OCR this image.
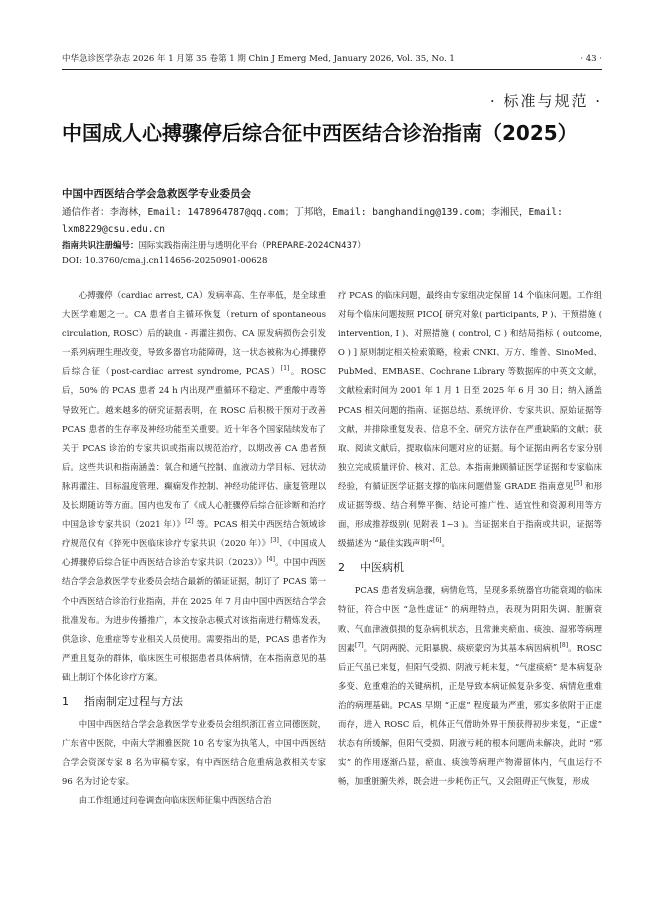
中华急诊医学杂志 2026 年 1 月第 35 卷第 1 期 Chin J Emerg Med, January 2026, Vol. 35, No. 1	· 43 ·
· 标准与规范 ·
中国成人心搏骤停后综合征中西医结合诊治指南（2025）
中国中西医结合学会急救医学专业委员会
通信作者：李海林，Email: 1478964787@qq.com；丁邦晗，Email: banghanding@139.com；李湘民，Email: lxm8229@csu.edu.cn
指南共识注册编号：国际实践指南注册与透明化平台（PREPARE-2024CN437）
DOI: 10.3760/cma.j.cn114656-20250901-00628

心搏骤停（cardiac arrest, CA）发病率高、生存率低，是全球重大医学难题之一。CA 患者自主循环恢复（return of spontaneous circulation, ROSC）后的缺血 - 再灌注损伤、CA 原发病损伤会引发一系列病理生理改变，导致多器官功能障碍，这一状态被称为心搏骤停后综合征（post-cardiac arrest syndrome, PCAS）[1]。ROSC 后，50% 的 PCAS 患者 24 h 内出现严重循环不稳定、严重酸中毒等导致死亡。越来越多的研究证据表明，在 ROSC 后积极干预对于改善 PCAS 患者的生存率及神经功能至关重要。近十年各个国家陆续发布了关于 PCAS 诊治的专家共识或指南以规范治疗，以期改善 CA 患者预后。这些共识和指南涵盖：氧合和通气控制、血液动力学目标、冠状动脉再灌注、目标温度管理、癫痫发作控制、神经功能评估、康复管理以及长期随访等方面。国内也发布了《成人心脏骤停后综合征诊断和治疗中国急诊专家共识（2021 年）》[2] 等。PCAS 相关中西医结合领域诊疗规范仅有《猝死中医临床诊疗专家共识（2020 年）》[3]、《中国成人心搏骤停后综合征中西医结合诊治专家共识（2023）》[4]。中国中西医结合学会急救医学专业委员会结合最新的循证证据，制订了 PCAS 第一个中西医结合诊治行业指南，并在 2025 年 7 月由中国中西医结合学会批准发布。为进步传播推广，本文按杂志模式对该指南进行精炼发表，供急诊、危重症等专业相关人员使用。需要指出的是，PCAS 患者作为严重且复杂的群体，临床医生可根据患者具体病情，在本指南意见的基础上制订个体化诊疗方案。

1 指南制定过程与方法

中国中西医结合学会急救医学专业委员会组织浙江省立同德医院，广东省中医院，中南大学湘雅医院 10 名专家为执笔人，中国中西医结合学会资深专家 8 名为审稿专家，有中西医结合危重病急救相关专家 96 名为讨论专家。

由工作组通过问卷调查向临床医师征集中西医结合治

疗 PCAS 的临床问题，最终由专家组决定保留 14 个临床问题。工作组对每个临床问题按照 PICO[ 研究对象( participants, P )、干预措施 ( intervention, I )、对照措施 ( control, C ) 和结局指标 ( outcome, O ) ] 原则制定相关检索策略，检索 CNKI、万方、维普、SinoMed、PubMed、EMBASE、Cochrane Library 等数据库的中英文文献，文献检索时间为 2001 年 1 月 1 日至 2025 年 6 月 30 日；纳入涵盖 PCAS 相关问题的指南、证据总结、系统评价、专家共识、原始证据等文献，并排除重复发表、信息不全、研究方法存在严重缺陷的文献；获取、阅读文献后，提取临床问题对应的证据。每个证据由两名专家分别独立完成质量评价、核对、汇总。本指南兼顾循证医学证据和专家临床经验，有循证医学证据支撑的临床问题借鉴 GRADE 指南意见[5] 和形成证据等级、结合利弊平衡、结论可推广性、适宜性和资源利用等方面，形成推荐级别( 见附表 1~3 )。当证据来自于指南或共识，证据等级描述为 “最佳实践声明”[6]。

2 中医病机

PCAS 患者发病急骤，病情危笃，呈现多系统器官功能衰竭的临床特征，符合中医 “急性虚证” 的病理特点，表现为阴阳失调、脏腑衰败、气血津液俱损的复杂病机状态，且常兼夹瘀血、痰浊、湿邪等病理因素[7]。气阴两脱、元阳暴脱、痰瘀蒙窍为其基本病因病机[8]。ROSC 后正气虽已来复，但阳气受损、阴液亏耗未复，“气虚痰瘀” 是本病复杂多变、危重难治的关键病机，正是导致本病证候复杂多变、病情危重难治的病理基础。PCAS 早期 “正虚” 程度最为严重，邪实多依附于正虚而存，进入 ROSC 后，机体正气借助外界干预获得初步来复，“正虚” 状态有所缓解，但阳气受损、阴液亏耗的根本问题尚未解决，此时 “邪实” 的作用逐渐凸显，瘀血、痰浊等病理产物滞留体内，气血运行不畅，加重脏腑失养，既会进一步耗伤正气，又会阻碍正气恢复，形成
